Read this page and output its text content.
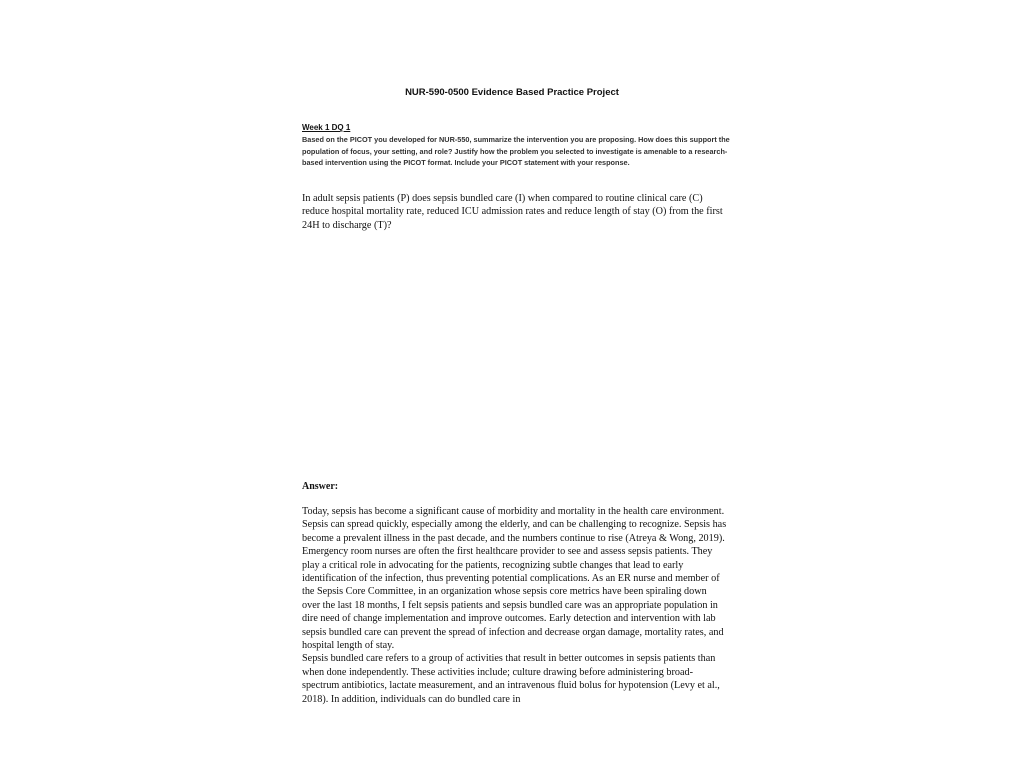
NUR-590-0500 Evidence Based Practice Project
Week 1 DQ 1
Based on the PICOT you developed for NUR-550, summarize the intervention you are proposing. How does this support the population of focus, your setting, and role? Justify how the problem you selected to investigate is amenable to a research-based intervention using the PICOT format. Include your PICOT statement with your response.
In adult sepsis patients (P) does sepsis bundled care (I) when compared to routine clinical care (C) reduce hospital mortality rate, reduced ICU admission rates and reduce length of stay (O) from the first 24H to discharge (T)?
Answer:

Today, sepsis has become a significant cause of morbidity and mortality in the health care environment. Sepsis can spread quickly, especially among the elderly, and can be challenging to recognize. Sepsis has become a prevalent illness in the past decade, and the numbers continue to rise (Atreya & Wong, 2019). Emergency room nurses are often the first healthcare provider to see and assess sepsis patients. They play a critical role in advocating for the patients, recognizing subtle changes that lead to early identification of the infection, thus preventing potential complications. As an ER nurse and member of the Sepsis Core Committee, in an organization whose sepsis core metrics have been spiraling down over the last 18 months, I felt sepsis patients and sepsis bundled care was an appropriate population in dire need of change implementation and improve outcomes. Early detection and intervention with lab sepsis bundled care can prevent the spread of infection and decrease organ damage, mortality rates, and hospital length of stay.

Sepsis bundled care refers to a group of activities that result in better outcomes in sepsis patients than when done independently. These activities include; culture drawing before administering broad-spectrum antibiotics, lactate measurement, and an intravenous fluid bolus for hypotension (Levy et al., 2018). In addition, individuals can do bundled care in
